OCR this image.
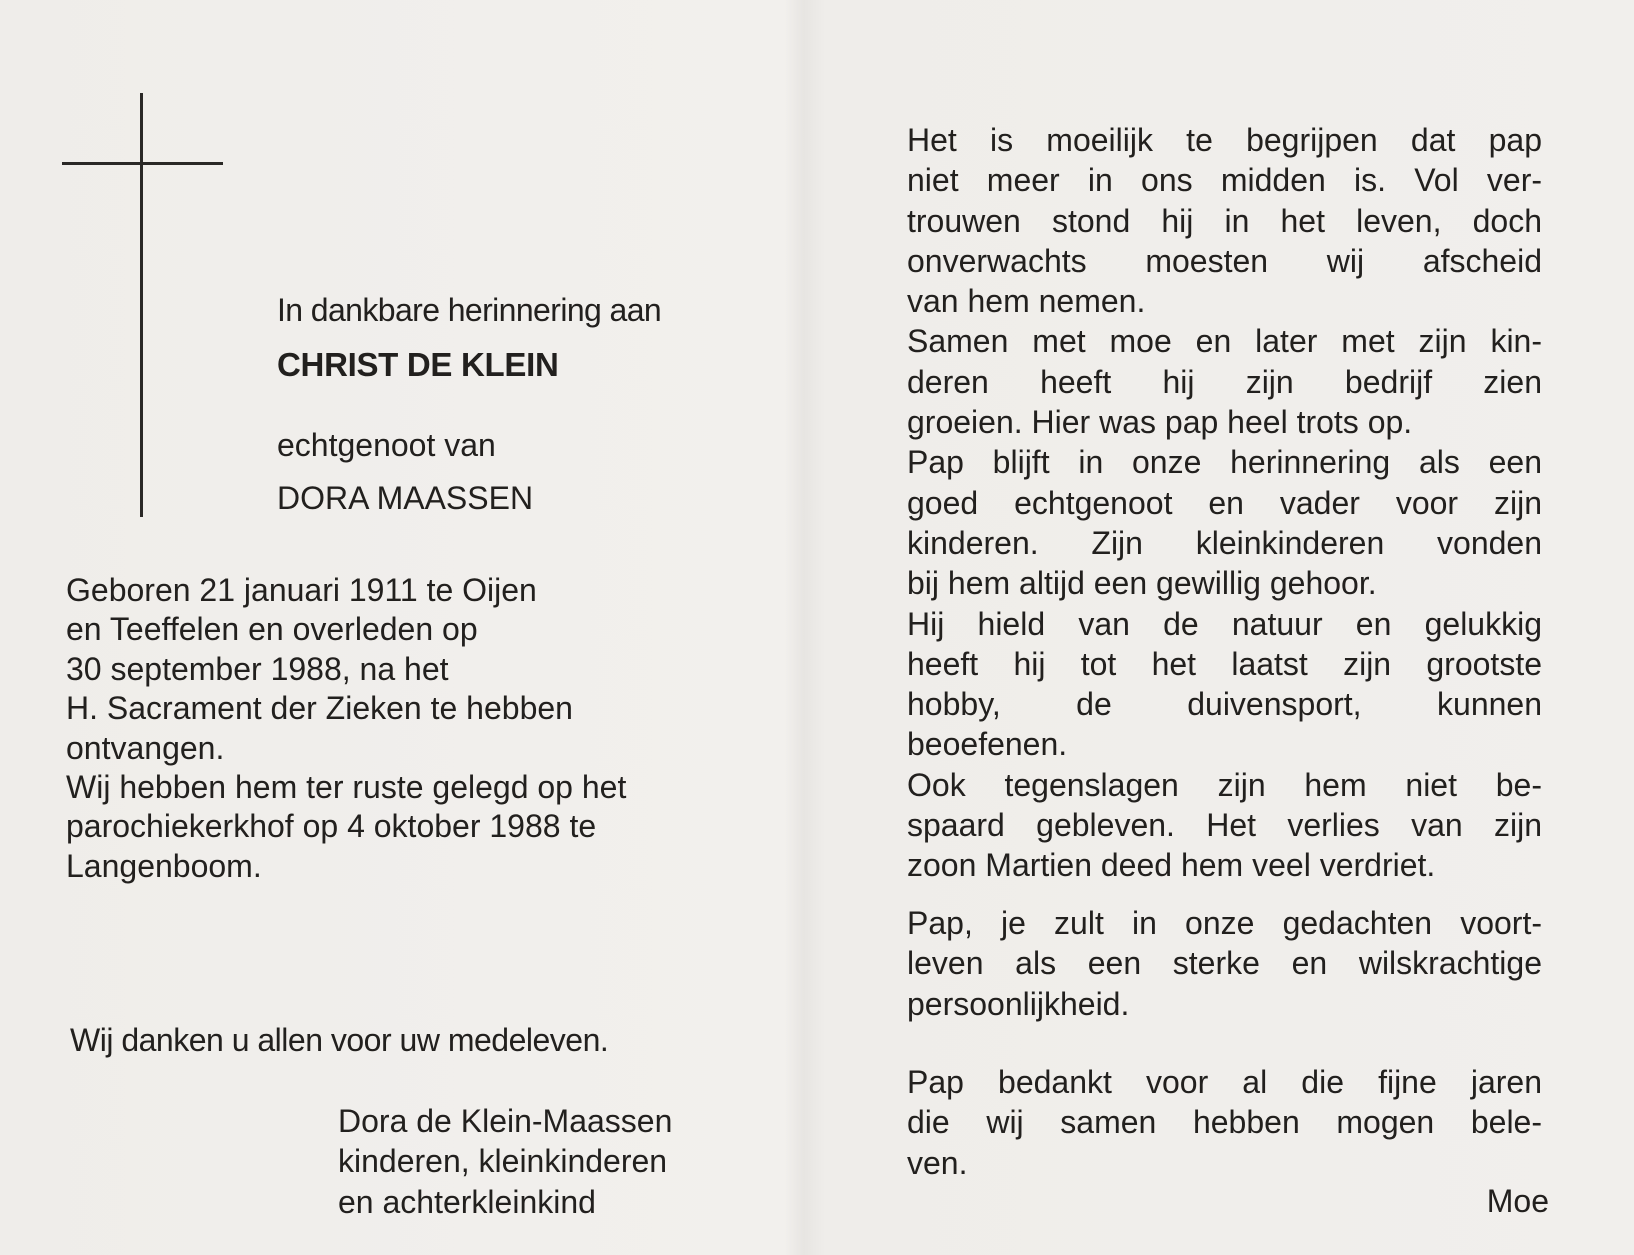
In dankbare herinnering aan
CHRIST DE KLEIN
echtgenoot van
DORA MAASSEN
Geboren 21 januari 1911 te Oijen
en Teeffelen en overleden op
30 september 1988, na het
H. Sacrament der Zieken te hebben
ontvangen.
Wij hebben hem ter ruste gelegd op het
parochiekerkhof op 4 oktober 1988 te
Langenboom.
Wij danken u allen voor uw medeleven.
Dora de Klein-Maassen
kinderen, kleinkinderen
en achterkleinkind
Het is moeilijk te begrijpen dat pap
niet meer in ons midden is. Vol ver-
trouwen stond hij in het leven, doch
onverwachts moesten wij afscheid
van hem nemen.
Samen met moe en later met zijn kin-
deren heeft hij zijn bedrijf zien
groeien. Hier was pap heel trots op.
Pap blijft in onze herinnering als een
goed echtgenoot en vader voor zijn
kinderen. Zijn kleinkinderen vonden
bij hem altijd een gewillig gehoor.
Hij hield van de natuur en gelukkig
heeft hij tot het laatst zijn grootste
hobby, de duivensport, kunnen
beoefenen.
Ook tegenslagen zijn hem niet be-
spaard gebleven. Het verlies van zijn
zoon Martien deed hem veel verdriet.
Pap, je zult in onze gedachten voort-
leven als een sterke en wilskrachtige
persoonlijkheid.
Pap bedankt voor al die fijne jaren
die wij samen hebben mogen bele-
ven.
Moe
